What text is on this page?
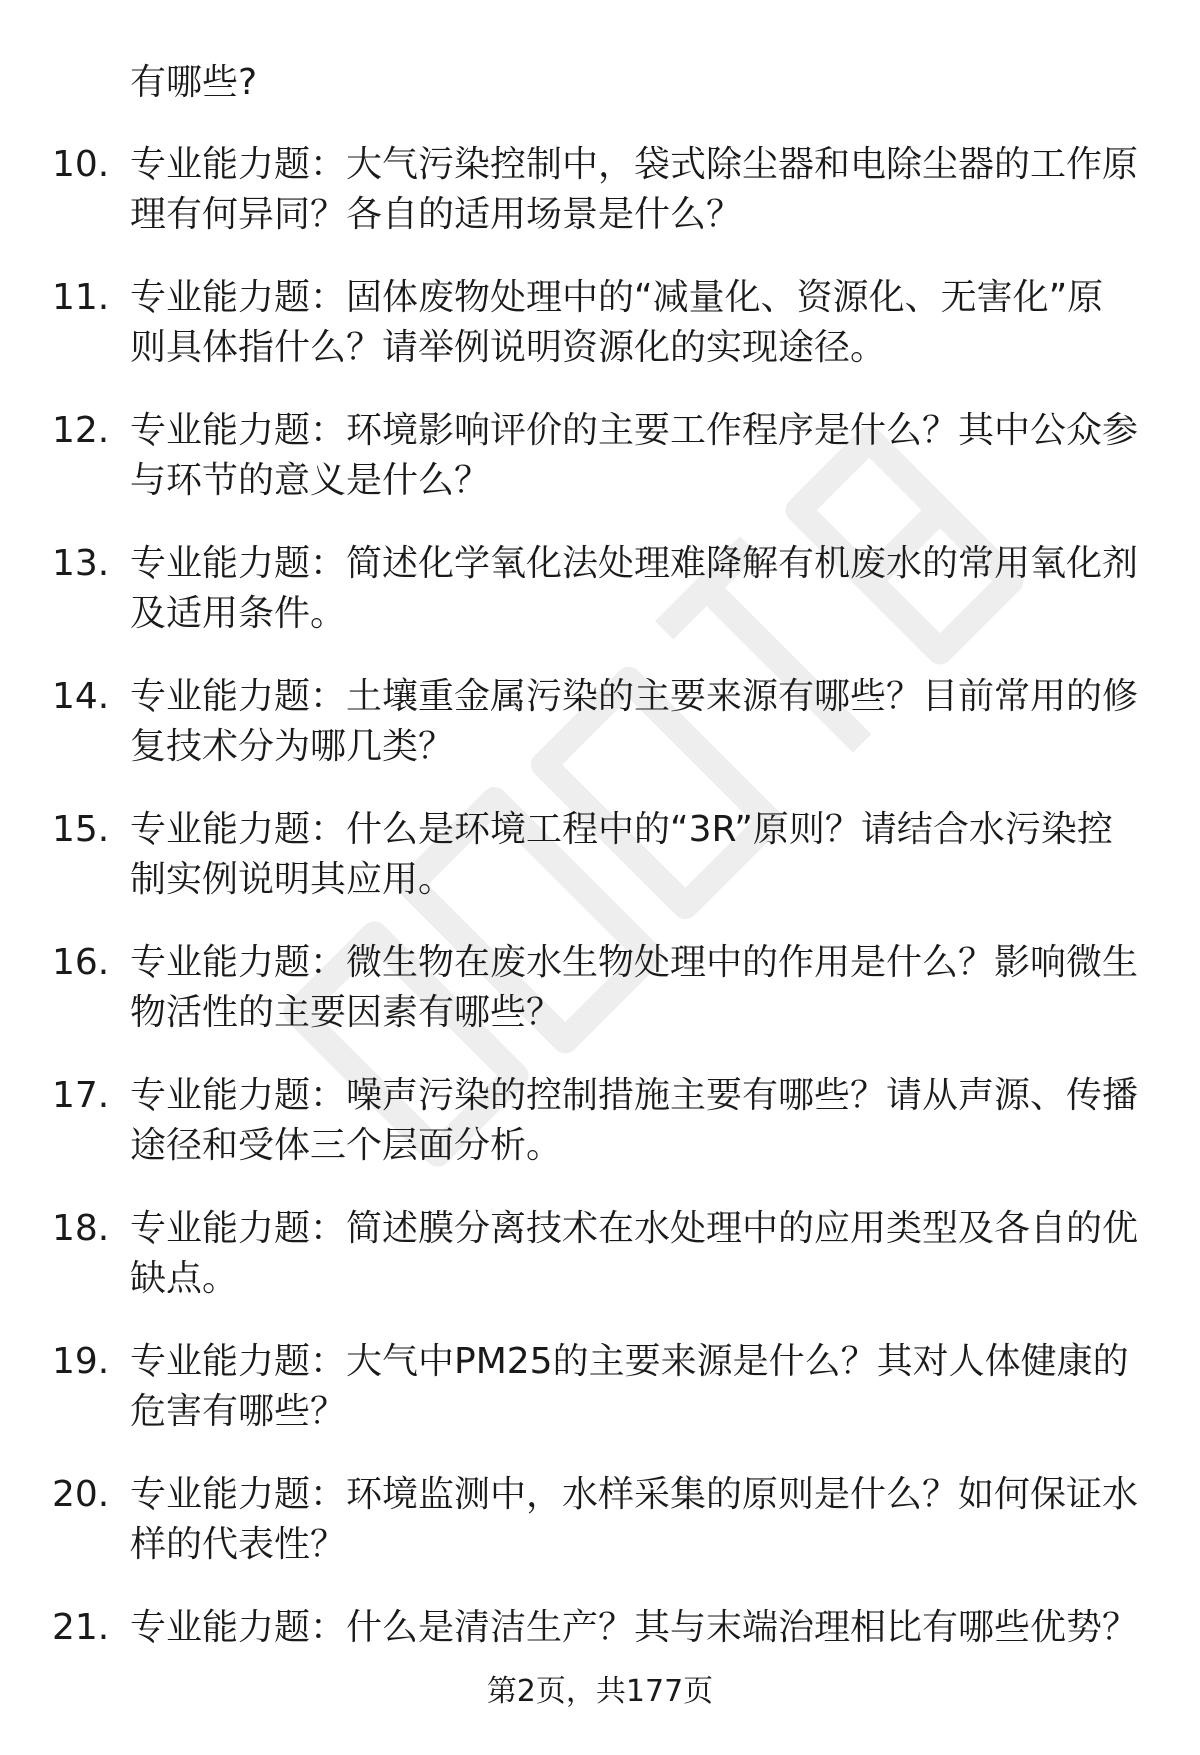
有哪些?
10. 专业能力题：大气污染控制中，袋式除尘器和电除尘器的工作原
理有何异同？各自的适用场景是什么？
11. 专业能力题：固体废物处理中的“减量化、资源化、无害化”原
则具体指什么？请举例说明资源化的实现途径。
12. 专业能力题：环境影响评价的主要工作程序是什么？其中公众参
与环节的意义是什么？
13. 专业能力题：简述化学氧化法处理难降解有机废水的常用氧化剂
及适用条件。
14. 专业能力题：土壤重金属污染的主要来源有哪些？目前常用的修
复技术分为哪几类？
15. 专业能力题：什么是环境工程中的“3R”原则？请结合水污染控
制实例说明其应用。
16. 专业能力题：微生物在废水生物处理中的作用是什么？影响微生
物活性的主要因素有哪些？
17. 专业能力题：噪声污染的控制措施主要有哪些？请从声源、传播
途径和受体三个层面分析。
18. 专业能力题：简述膜分离技术在水处理中的应用类型及各自的优
缺点。
19. 专业能力题：大气中PM25的主要来源是什么？其对人体健康的
危害有哪些？
20. 专业能力题：环境监测中，水样采集的原则是什么？如何保证水
样的代表性？
21. 专业能力题：什么是清洁生产？其与末端治理相比有哪些优势？
第2页，共177页
